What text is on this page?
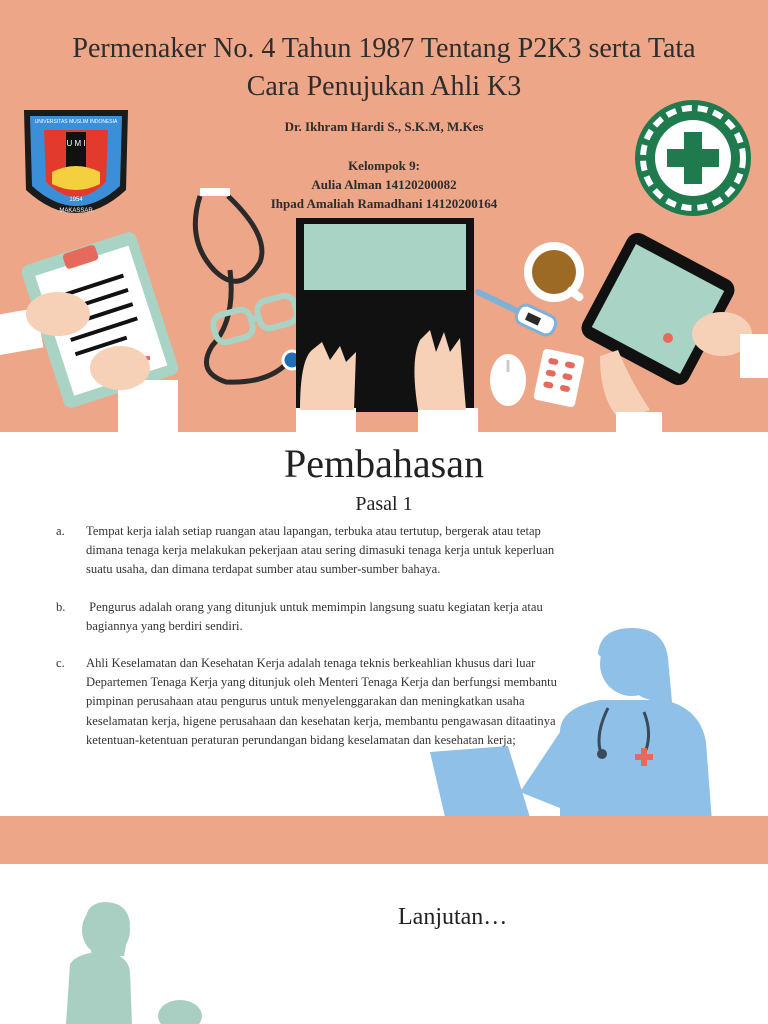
U M I
UNIVERSITAS MUSLIM INDONESIA
1954
MAKASSAR
Permenaker No. 4 Tahun 1987 Tentang P2K3 serta Tata
Cara Penujukan Ahli K3
Dr. Ikhram Hardi S., S.K.M, M.Kes
Kelompok 9:
Aulia Alman 14120200082
Ihpad Amaliah Ramadhani 14120200164
Pembahasan
Pasal 1
a. Tempat kerja ialah setiap ruangan atau lapangan, terbuka atau tertutup, bergerak atau tetap dimana tenaga kerja melakukan pekerjaan atau sering dimasuki tenaga kerja untuk keperluan suatu usaha, dan dimana terdapat sumber atau sumber-sumber bahaya.
b. Pengurus adalah orang yang ditunjuk untuk memimpin langsung suatu kegiatan kerja atau bagiannya yang berdiri sendiri.
c. Ahli Keselamatan dan Kesehatan Kerja adalah tenaga teknis berkeahlian khusus dari luar Departemen Tenaga Kerja yang ditunjuk oleh Menteri Tenaga Kerja dan berfungsi membantu pimpinan perusahaan atau pengurus untuk menyelenggarakan dan meningkatkan usaha keselamatan kerja, higene perusahaan dan kesehatan kerja, membantu pengawasan ditaatinya ketentuan-ketentuan peraturan perundangan bidang keselamatan dan kesehatan kerja;
Lanjutan…
